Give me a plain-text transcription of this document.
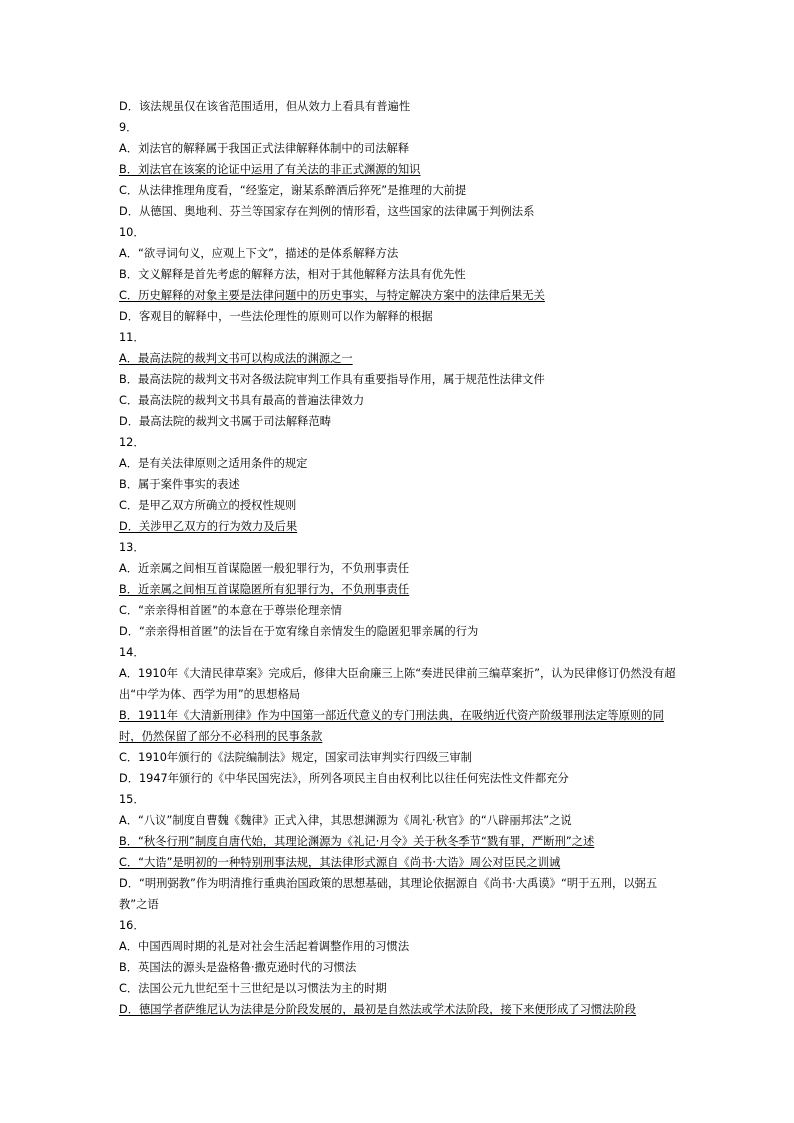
D．该法规虽仅在该省范围适用，但从效力上看具有普遍性
9．
A．刘法官的解释属于我国正式法律解释体制中的司法解释
B．刘法官在该案的论证中运用了有关法的非正式渊源的知识
C．从法律推理角度看，“经鉴定，谢某系醉酒后猝死”是推理的大前提
D．从德国、奥地利、芬兰等国家存在判例的情形看，这些国家的法律属于判例法系
10．
A．“欲寻词句义，应观上下文”，描述的是体系解释方法
B．文义解释是首先考虑的解释方法，相对于其他解释方法具有优先性
C．历史解释的对象主要是法律问题中的历史事实，与特定解决方案中的法律后果无关
D．客观目的解释中，一些法伦理性的原则可以作为解释的根据
11．
A．最高法院的裁判文书可以构成法的渊源之一
B．最高法院的裁判文书对各级法院审判工作具有重要指导作用，属于规范性法律文件
C．最高法院的裁判文书具有最高的普遍法律效力
D．最高法院的裁判文书属于司法解释范畴
12．
A．是有关法律原则之适用条件的规定
B．属于案件事实的表述
C．是甲乙双方所确立的授权性规则
D．关涉甲乙双方的行为效力及后果
13．
A．近亲属之间相互首谋隐匿一般犯罪行为，不负刑事责任
B．近亲属之间相互首谋隐匿所有犯罪行为，不负刑事责任
C．“亲亲得相首匿”的本意在于尊崇伦理亲情
D．“亲亲得相首匿”的法旨在于宽宥缘自亲情发生的隐匿犯罪亲属的行为
14．
A．1910年《大清民律草案》完成后，修律大臣俞廉三上陈“奏进民律前三编草案折”，认为民律修订仍然没有超出“中学为体、西学为用”的思想格局
B．1911年《大清新刑律》作为中国第一部近代意义的专门刑法典，在吸纳近代资产阶级罪刑法定等原则的同时，仍然保留了部分不必科刑的民事条款
C．1910年颁行的《法院编制法》规定，国家司法审判实行四级三审制
D．1947年颁行的《中华民国宪法》，所列各项民主自由权利比以往任何宪法性文件都充分
15．
A．“八议”制度自曹魏《魏律》正式入律，其思想渊源为《周礼·秋官》的“八辟丽邦法”之说
B．“秋冬行刑”制度自唐代始，其理论渊源为《礼记·月令》关于秋冬季节“戮有罪，严断刑”之述
C．“大诰”是明初的一种特别刑事法规，其法律形式源自《尚书·大诰》周公对臣民之训诫
D．“明刑弼教”作为明清推行重典治国政策的思想基础，其理论依据源自《尚书·大禹谟》“明于五刑，以弼五教”之语
16．
A．中国西周时期的礼是对社会生活起着调整作用的习惯法
B．英国法的源头是盎格鲁·撒克逊时代的习惯法
C．法国公元九世纪至十三世纪是以习惯法为主的时期
D．德国学者萨维尼认为法律是分阶段发展的，最初是自然法或学术法阶段，接下来便形成了习惯法阶段
